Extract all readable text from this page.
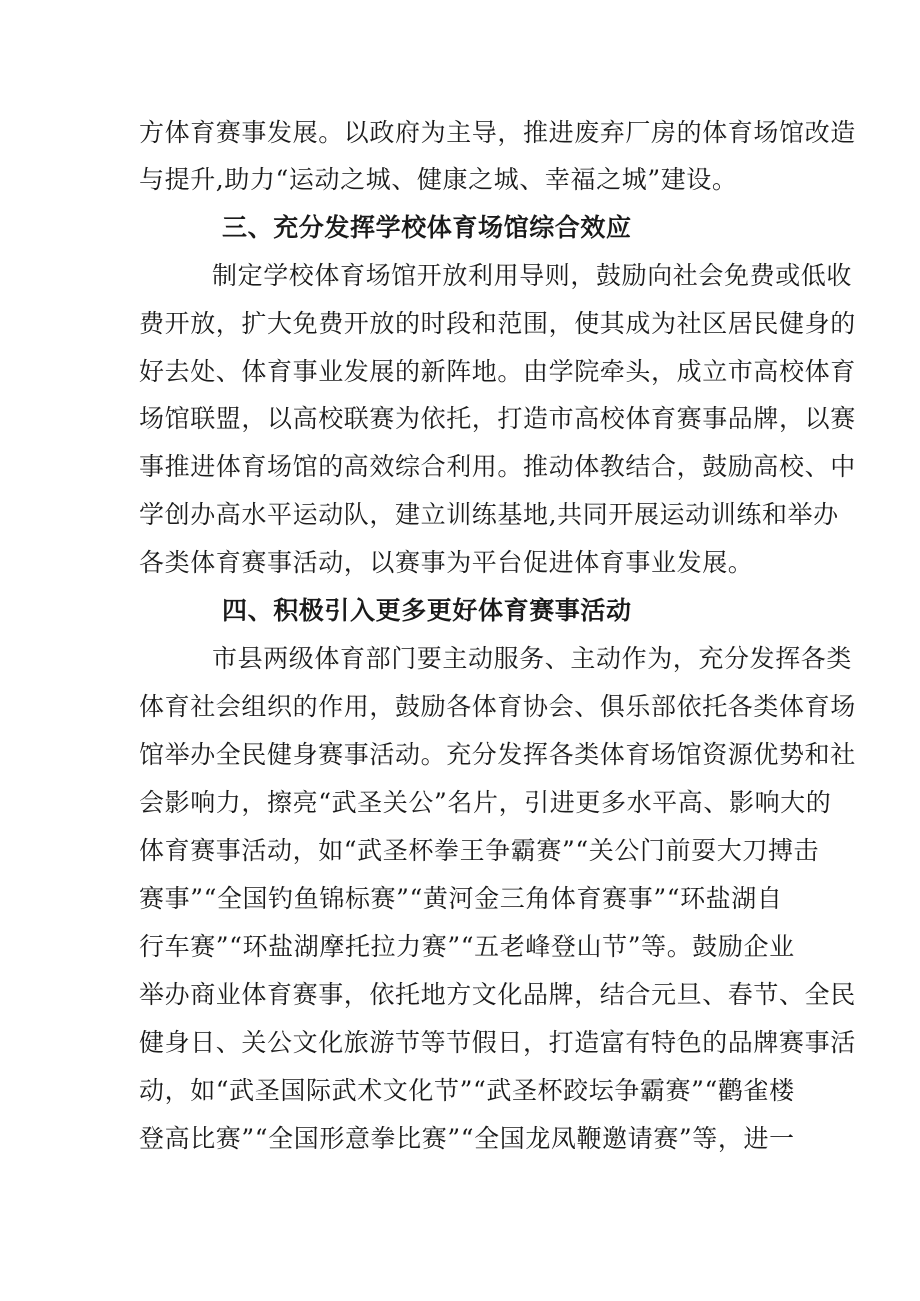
方体育赛事发展。以政府为主导，推进废弃厂房的体育场馆改造
与提升,助力“运动之城、健康之城、幸福之城”建设。
三、充分发挥学校体育场馆综合效应
制定学校体育场馆开放利用导则，鼓励向社会免费或低收
费开放，扩大免费开放的时段和范围，使其成为社区居民健身的
好去处、体育事业发展的新阵地。由学院牵头，成立市高校体育
场馆联盟，以高校联赛为依托，打造市高校体育赛事品牌，以赛
事推进体育场馆的高效综合利用。推动体教结合，鼓励高校、中
学创办高水平运动队，建立训练基地,共同开展运动训练和举办
各类体育赛事活动，以赛事为平台促进体育事业发展。
四、积极引入更多更好体育赛事活动
市县两级体育部门要主动服务、主动作为，充分发挥各类
体育社会组织的作用，鼓励各体育协会、俱乐部依托各类体育场
馆举办全民健身赛事活动。充分发挥各类体育场馆资源优势和社
会影响力，擦亮“武圣关公”名片，引进更多水平高、影响大的
体育赛事活动，如“武圣杯拳王争霸赛”“关公门前耍大刀搏击
赛事”“全国钓鱼锦标赛”“黄河金三角体育赛事”“环盐湖自
行车赛”“环盐湖摩托拉力赛”“五老峰登山节”等。鼓励企业
举办商业体育赛事，依托地方文化品牌，结合元旦、春节、全民
健身日、关公文化旅游节等节假日，打造富有特色的品牌赛事活
动，如“武圣国际武术文化节”“武圣杯跤坛争霸赛”“鹳雀楼
登高比赛”“全国形意拳比赛”“全国龙凤鞭邀请赛”等，进一
